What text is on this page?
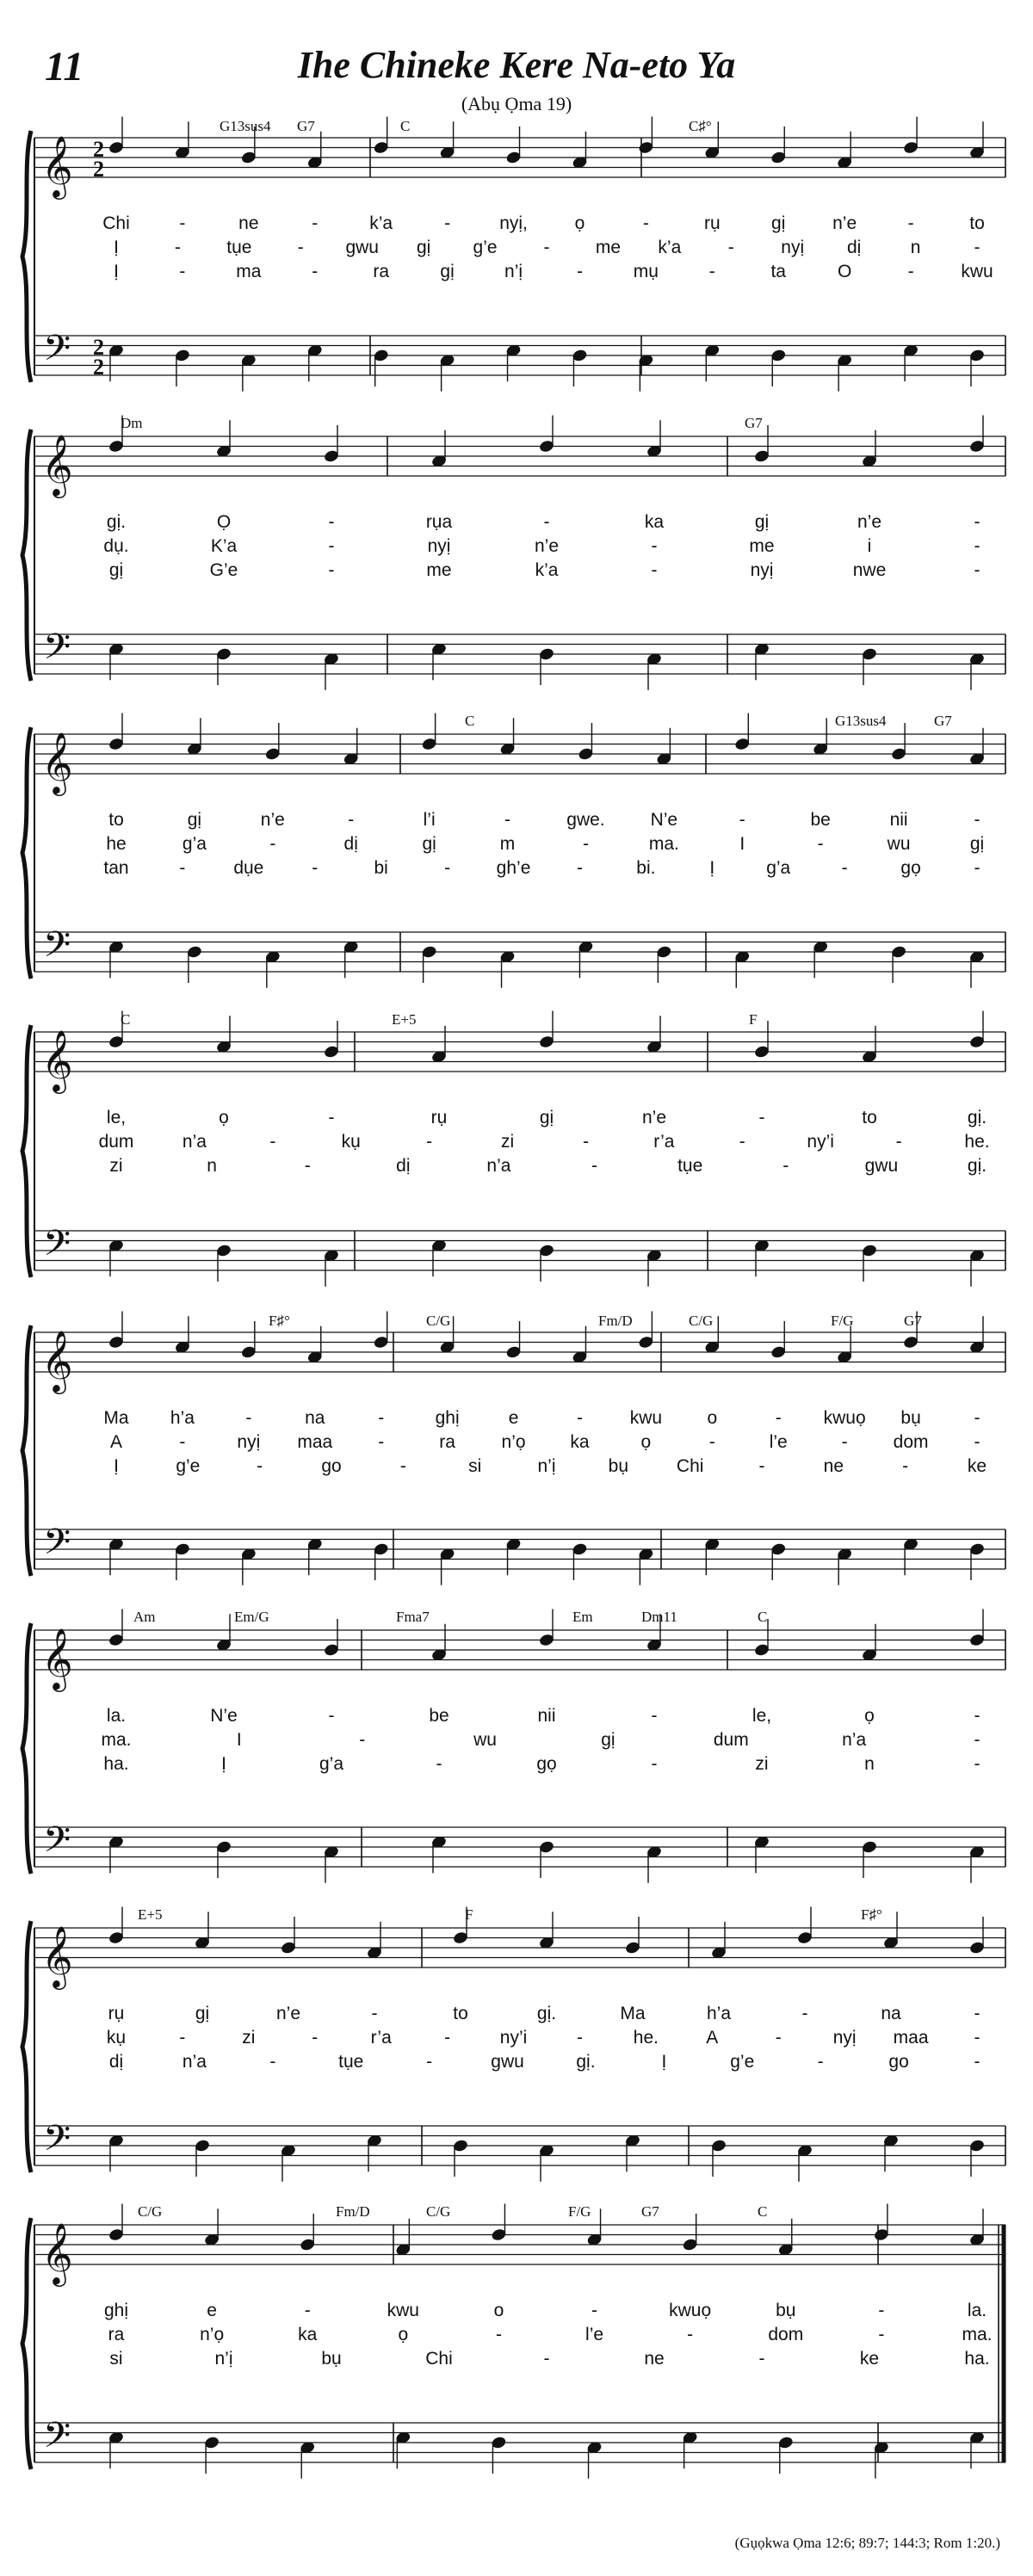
11	Ihe Chineke Kere Na-eto Ya
(Abụ Ọma 19)
𝄞
𝄢
2
2
2
2
G13sus4 G7	C	C♯°
Chi	-	ne	-	k’a	-	nyị,	ọ	-	rụ	gị	n’e	-	to
Ị	-	tụe	- gwu gị g’e	-	me k’a	-	nyị dị	n	-
Ị	-	ma	-	ra	gị	n’ị	-	mụ	-	ta	O	-	kwu
𝄞
𝄢
Dm	G7
gị.	Ọ	-	rụa	-	ka	gị	n’e	-
dụ.	K’a	-	nyị	n’e	-	me	i	-
gị	G’e	-	me	k’a	-	nyị	nwe	-
𝄞
𝄢
C	G13sus4	G7
to	gị	n’e	-	l’i	-	gwe.	N’e	-	be	nii	-
he	g’a	-	dị	gị	m	-	ma.	I	-	wu	gị
tan	-	dụe	-	bi	-	gh’e	-	bi.	Ị	g’a	-	gọ	-
𝄞
𝄢
C	E+5	F
le,	ọ	-	rụ	gị	n’e	-	to	gị.
dum	n’a	-	kụ	-	zi	-	r’a	-	ny’i	-	he.
zi	n	-	dị	n’a	-	tụe	-	gwu	gị.
𝄞
𝄢
F♯°	C/G	Fm/D	C/G	F/G	G7
Ma h’a	-	na	-	ghị	e	-	kwu o	- kwuọ bụ	-
A	-	nyị maa	-	ra	n’ọ ka	ọ	-	l’e	-	dom	-
Ị	g’e	-	go	-	si	n’ị	bụ	Chi	-	ne	-	ke
𝄞
𝄢
Am	Em/G	Fma7	Em	Dm11	C
la.	N’e	-	be	nii	-	le,	ọ	-
ma.	I	-	wu	gị	dum	n’a	-
ha.	Ị	g’a	-	gọ	-	zi	n	-
𝄞
𝄢
E+5	F	F♯°
rụ	gị	n’e	-	to	gị.	Ma	h’a	-	na	-
kụ	-	zi	-	r’a	-	ny’i	-	he.	A	-	nyị maa	-
dị	n’a	-	tụe	-	gwu	gị.	Ị	g’e	-	go	-
𝄞
𝄢
C/G	Fm/D	C/G	F/G	G7	C
ghị	e	-	kwu	o	-	kwuọ	bụ	-	la.
ra	n’ọ	ka	ọ	-	l’e	-	dom	-	ma.
si	n’ị	bụ	Chi	-	ne	-	ke	ha.
(Gụọkwa Ọma 12:6; 89:7; 144:3; Rom 1:20.)
